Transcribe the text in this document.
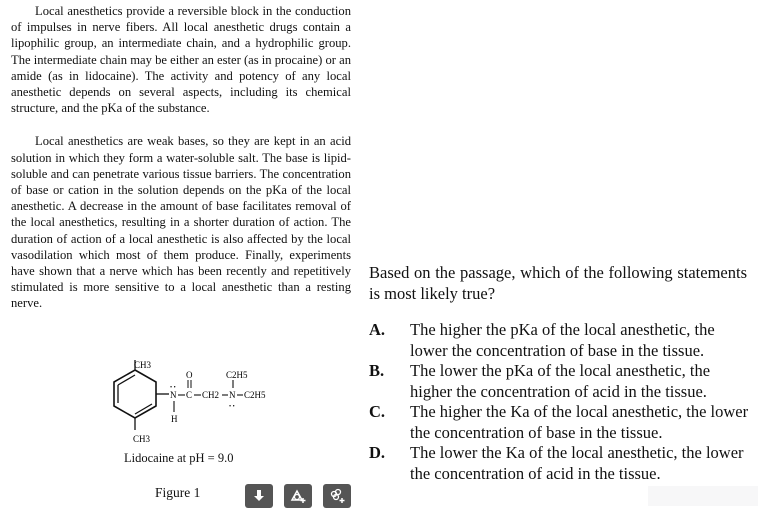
Local anesthetics provide a reversible block in the conduction of impulses in nerve fibers. All local anesthetic drugs contain a lipophilic group, an intermediate chain, and a hydrophilic group. The intermediate chain may be either an ester (as in procaine) or an amide (as in lidocaine). The activity and potency of any local anesthetic depends on several aspects, including its chemical structure, and the pKa of the substance.

Local anesthetics are weak bases, so they are kept in an acid solution in which they form a water-soluble salt. The base is lipid-soluble and can penetrate various tissue barriers. The concentration of base or cation in the solution depends on the pKa of the local anesthetic. A decrease in the amount of base facilitates removal of the local anesthetics, resulting in a shorter duration of action. The duration of action of a local anesthetic is also affected by the local vasodilation which most of them produce. Finally, experiments have shown that a nerve which has been recently and repetitively stimulated is more sensitive to a local anesthetic than a resting nerve.

CH3
CH3
N
• •
H
C
O
CH2 N
• •
C2H5
C2H5
Lidocaine at pH = 9.0
Figure 1
Based on the passage, which of the following statements is most likely true?
A. The higher the pKa of the local anesthetic, the lower the concentration of base in the tissue.
B. The lower the pKa of the local anesthetic, the higher the concentration of acid in the tissue.
C. The higher the Ka of the local anesthetic, the lower the concentration of base in the tissue.
D. The lower the Ka of the local anesthetic, the lower the concentration of acid in the tissue.
